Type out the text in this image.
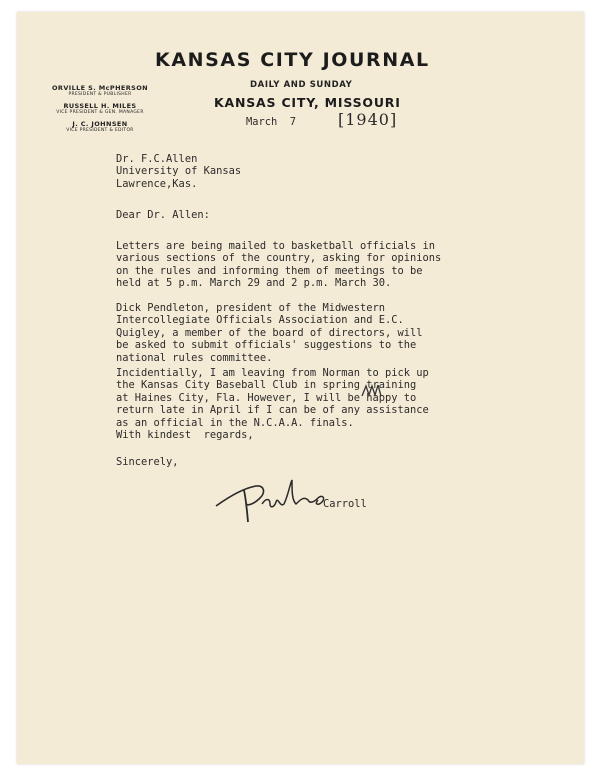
KANSAS CITY JOURNAL
DAILY AND SUNDAY
KANSAS CITY, MISSOURI
ORVILLE S. McPHERSON
PRESIDENT & PUBLISHER
RUSSELL H. MILES
VICE PRESIDENT & GEN. MANAGER
J. C. JOHNSEN
VICE PRESIDENT & EDITOR
March  7	[1940]
Dr. F.C.Allen
University of Kansas
Lawrence,Kas.
Dear Dr. Allen:
Letters are being mailed to basketball officials in
various sections of the country, asking for opinions
on the rules and informing them of meetings to be
held at 5 p.m. March 29 and 2 p.m. March 30.
Dick Pendleton, president of the Midwestern
Intercollegiate Officials Association and E.C.
Quigley, a member of the board of directors, will
be asked to submit officials' suggestions to the
national rules committee.
Incidentially, I am leaving from Norman to pick up
the Kansas City Baseball Club in spring training
at Haines City, Fla. However, I will be happy to
return late in April if I can be of any assistance
as an official in the N.C.A.A. finals.
With kindest  regards,
Sincerely,
Carroll
